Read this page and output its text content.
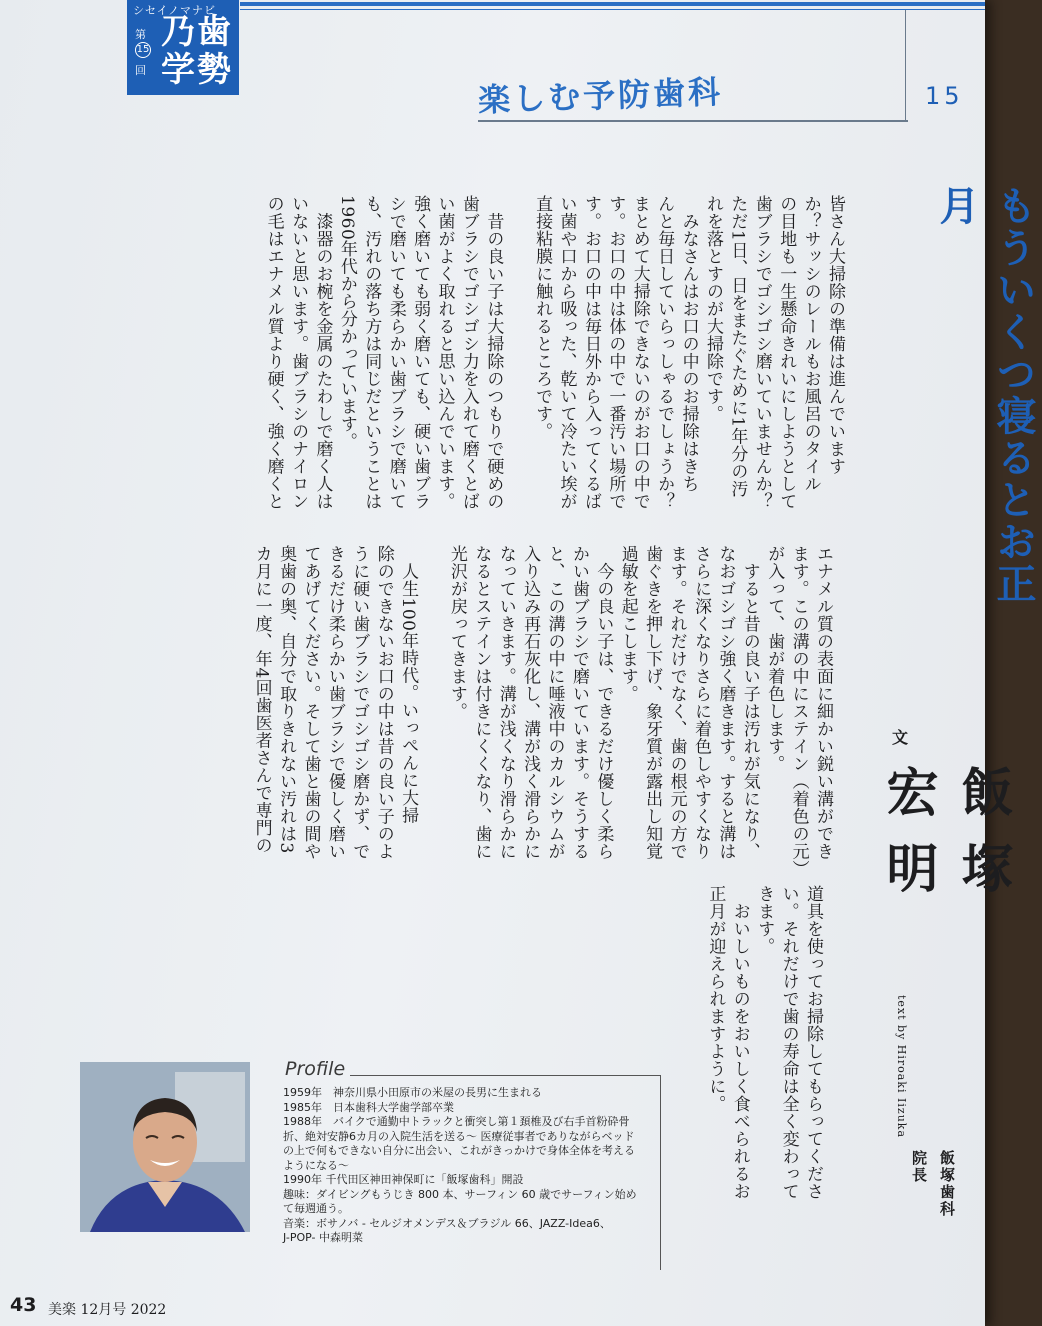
シセイノマナビ
第
15
回
乃 歯
学 勢
楽しむ予防歯科	15
もういくつ寝るとお正月
文
飯塚 宏明
text by Hiroaki Iizuka
飯塚歯科
院長

皆さん大掃除の準備は進んでいます

か？サッシのレールもお風呂のタイル

の目地も一生懸命きれいにしようとして

歯ブラシでゴシゴシ磨いていませんか？

ただ1日、日をまたぐために1年分の汚

れを落とすのが大掃除です。

　みなさんはお口の中のお掃除はきち

んと毎日していらっしゃるでしょうか？

まとめて大掃除できないのがお口の中で

す。お口の中は体の中で一番汚い場所で

す。お口の中は毎日外から入ってくるば

い菌や口から吸った、乾いて冷たい埃が

直接粘膜に触れるところです。

　昔の良い子は大掃除のつもりで硬めの

歯ブラシでゴシゴシ力を入れて磨くとば

い菌がよく取れると思い込んでいます。

強く磨いても弱く磨いても、硬い歯ブラ

シで磨いても柔らかい歯ブラシで磨いて

も、汚れの落ち方は同じだということは

1960年代から分かっています。

　漆器のお椀を金属のたわしで磨く人は

いないと思います。歯ブラシのナイロン

の毛はエナメル質より硬く、強く磨くと

エナメル質の表面に細かい鋭い溝ができ

ます。この溝の中にステイン（着色の元）

が入って、歯が着色します。

　すると昔の良い子は汚れが気になり、

なおゴシゴシ強く磨きます。すると溝は

さらに深くなりさらに着色しやすくなり

ます。それだけでなく、歯の根元の方で

歯ぐきを押し下げ、象牙質が露出し知覚

過敏を起こします。

　今の良い子は、できるだけ優しく柔ら

かい歯ブラシで磨いています。そうする

と、この溝の中に唾液中のカルシウムが

入り込み再石灰化し、溝が浅く滑らかに

なっていきます。溝が浅くなり滑らかに

なるとステインは付きにくくなり、歯に

光沢が戻ってきます。

　人生100年時代。いっぺんに大掃

除のできないお口の中は昔の良い子のよ

うに硬い歯ブラシでゴシゴシ磨かず、で

きるだけ柔らかい歯ブラシで優しく磨い

てあげてください。そして歯と歯の間や

奥歯の奥、自分で取りきれない汚れは3

カ月に一度、年4回歯医者さんで専門の

道具を使ってお掃除してもらってくださ

い。それだけで歯の寿命は全く変わって

きます。

　おいしいものをおいしく食べられるお

正月が迎えられますように。

Profile
1959年　神奈川県小田原市の米屋の長男に生まれる
1985年　日本歯科大学歯学部卒業
1988年　バイクで通勤中トラックと衝突し第１頚椎及び右手首粉砕骨
折、絶対安静6カ月の入院生活を送る〜 医療従事者でありながらベッド
の上で何もできない自分に出会い、これがきっかけで身体全体を考える
ようになる〜
1990年 千代田区神田神保町に「飯塚歯科」開設
趣味：ダイビングもうじき 800 本、サーフィン 60 歳でサーフィン始め
て毎週通う。
音楽：ボサノバ - セルジオメンデス＆ブラジル 66、JAZZ-Idea6、
J-POP- 中森明菜
43 美楽 12月号 2022
